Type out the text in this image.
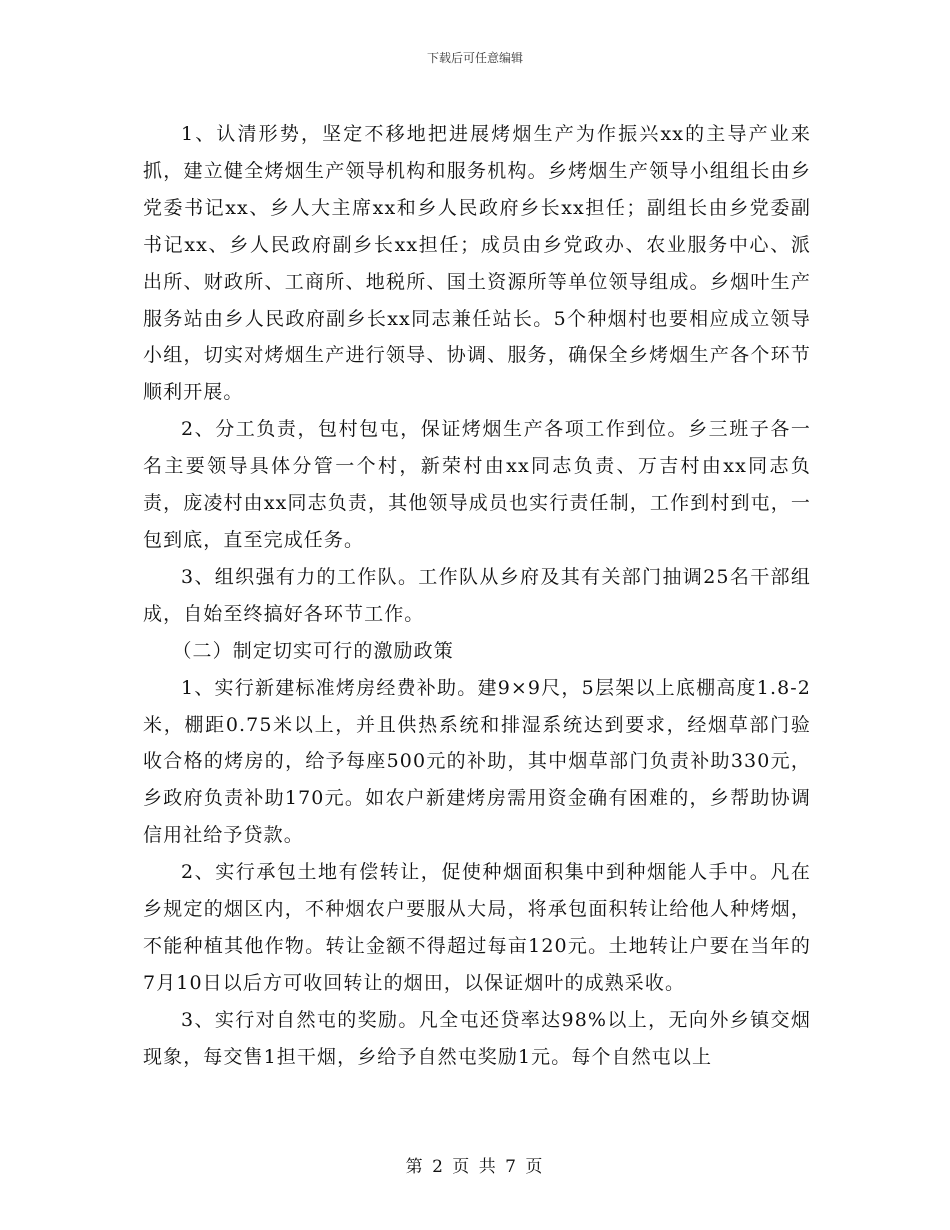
下载后可任意编辑

1、认清形势，坚定不移地把进展烤烟生产为作振兴xx的主导产业来抓，建立健全烤烟生产领导机构和服务机构。乡烤烟生产领导小组组长由乡党委书记xx、乡人大主席xx和乡人民政府乡长xx担任；副组长由乡党委副书记xx、乡人民政府副乡长xx担任；成员由乡党政办、农业服务中心、派出所、财政所、工商所、地税所、国土资源所等单位领导组成。乡烟叶生产服务站由乡人民政府副乡长xx同志兼任站长。5个种烟村也要相应成立领导小组，切实对烤烟生产进行领导、协调、服务，确保全乡烤烟生产各个环节顺利开展。

2、分工负责，包村包屯，保证烤烟生产各项工作到位。乡三班子各一名主要领导具体分管一个村，新荣村由xx同志负责、万吉村由xx同志负责，庞凌村由xx同志负责，其他领导成员也实行责任制，工作到村到屯，一包到底，直至完成任务。

3、组织强有力的工作队。工作队从乡府及其有关部门抽调25名干部组成，自始至终搞好各环节工作。

（二）制定切实可行的激励政策

1、实行新建标准烤房经费补助。建9×9尺，5层架以上底棚高度1.8-2米，棚距0.75米以上，并且供热系统和排湿系统达到要求，经烟草部门验收合格的烤房的，给予每座500元的补助，其中烟草部门负责补助330元，乡政府负责补助170元。如农户新建烤房需用资金确有困难的，乡帮助协调信用社给予贷款。

2、实行承包土地有偿转让，促使种烟面积集中到种烟能人手中。凡在乡规定的烟区内，不种烟农户要服从大局，将承包面积转让给他人种烤烟，不能种植其他作物。转让金额不得超过每亩120元。土地转让户要在当年的7月10日以后方可收回转让的烟田，以保证烟叶的成熟采收。

3、实行对自然屯的奖励。凡全屯还贷率达98%以上，无向外乡镇交烟现象，每交售1担干烟，乡给予自然屯奖励1元。每个自然屯以上

第 2 页 共 7 页
